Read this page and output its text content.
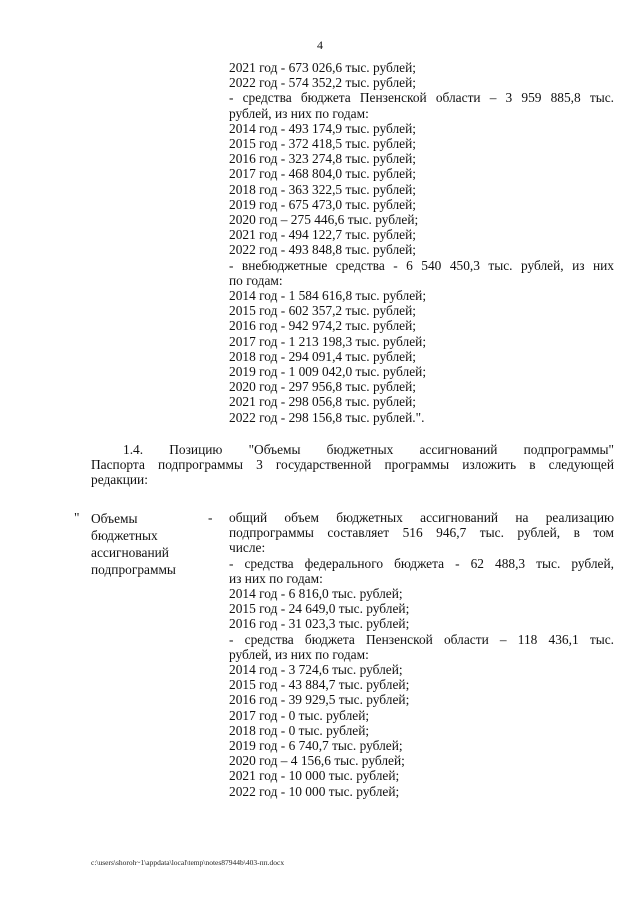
4
2021 год - 673 026,6 тыс. рублей;
2022 год - 574 352,2 тыс. рублей;
- средства бюджета Пензенской области – 3 959 885,8 тыс.
рублей, из них по годам:
2014 год - 493 174,9 тыс. рублей;
2015 год - 372 418,5 тыс. рублей;
2016 год - 323 274,8 тыс. рублей;
2017 год - 468 804,0 тыс. рублей;
2018 год - 363 322,5 тыс. рублей;
2019 год - 675 473,0 тыс. рублей;
2020 год – 275 446,6 тыс. рублей;
2021 год - 494 122,7 тыс. рублей;
2022 год - 493 848,8 тыс. рублей;
- внебюджетные средства - 6 540 450,3 тыс. рублей, из них
по годам:
2014 год - 1 584 616,8 тыс. рублей;
2015 год - 602 357,2 тыс. рублей;
2016 год - 942 974,2 тыс. рублей;
2017 год - 1 213 198,3 тыс. рублей;
2018 год - 294 091,4 тыс. рублей;
2019 год - 1 009 042,0 тыс. рублей;
2020 год - 297 956,8 тыс. рублей;
2021 год - 298 056,8 тыс. рублей;
2022 год - 298 156,8 тыс. рублей.".
1.4. Позицию "Объемы бюджетных ассигнований подпрограммы"
Паспорта подпрограммы 3 государственной программы изложить в следующей
редакции:
" Объемы
бюджетных
ассигнований
подпрограммы
- общий объем бюджетных ассигнований на реализацию
подпрограммы составляет 516 946,7 тыс. рублей, в том
числе:
- средства федерального бюджета - 62 488,3 тыс. рублей,
из них по годам:
2014 год - 6 816,0 тыс. рублей;
2015 год - 24 649,0 тыс. рублей;
2016 год - 31 023,3 тыс. рублей;
- средства бюджета Пензенской области – 118 436,1 тыс.
рублей, из них по годам:
2014 год - 3 724,6 тыс. рублей;
2015 год - 43 884,7 тыс. рублей;
2016 год - 39 929,5 тыс. рублей;
2017 год - 0 тыс. рублей;
2018 год - 0 тыс. рублей;
2019 год - 6 740,7 тыс. рублей;
2020 год – 4 156,6 тыс. рублей;
2021 год - 10 000 тыс. рублей;
2022 год - 10 000 тыс. рублей;
c:\users\shoroh~1\appdata\local\temp\notes87944b\403-пп.docx
